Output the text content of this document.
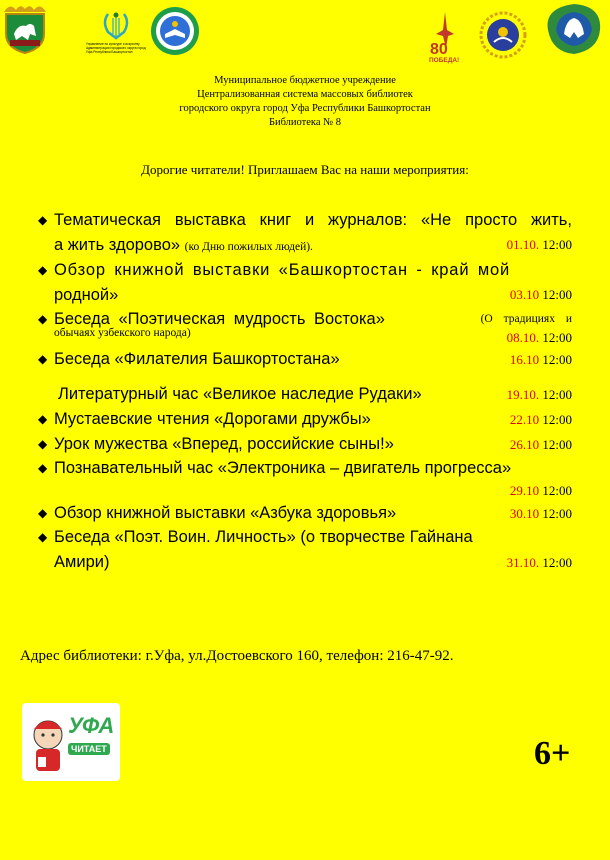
Управление по культуре и искусству Администрации городского округа город Уфа Республики Башкортостан	80
ПОБЕДА!
Муниципальное бюджетное учреждение
Централизованная система массовых библиотек
городского округа город Уфа Республики Башкортостан
Библиотека № 8
Дорогие читатели! Приглашаем Вас на наши мероприятия:
◆ Тематическая выставка книг и журналов: «Не просто жить,
а жить здорово» (ко Дню пожилых людей).	01.10. 12:00
◆ Обзор книжной выставки «Башкортостан - край мой
родной»	03.10 12:00
◆ Беседа «Поэтическая мудрость Востока»	(О традициях и
обычаях узбекского народа)	08.10. 12:00
◆ Беседа «Филателия Башкортостана»	16.10 12:00
Литературный час «Великое наследие Рудаки»	19.10. 12:00
◆ Мустаевские чтения «Дорогами дружбы»	22.10 12:00
◆ Урок мужества «Вперед, российские сыны!»	26.10 12:00
◆ Познавательный час «Электроника – двигатель прогресса»
29.10 12:00
◆ Обзор книжной выставки «Азбука здоровья»	30.10 12:00
◆ Беседа «Поэт. Воин. Личность» (о творчестве Гайнана
Амири)	31.10. 12:00
Адрес библиотеки: г.Уфа, ул.Достоевского 160, телефон: 216-47-92.
УФА
ЧИТАЕТ	6+
